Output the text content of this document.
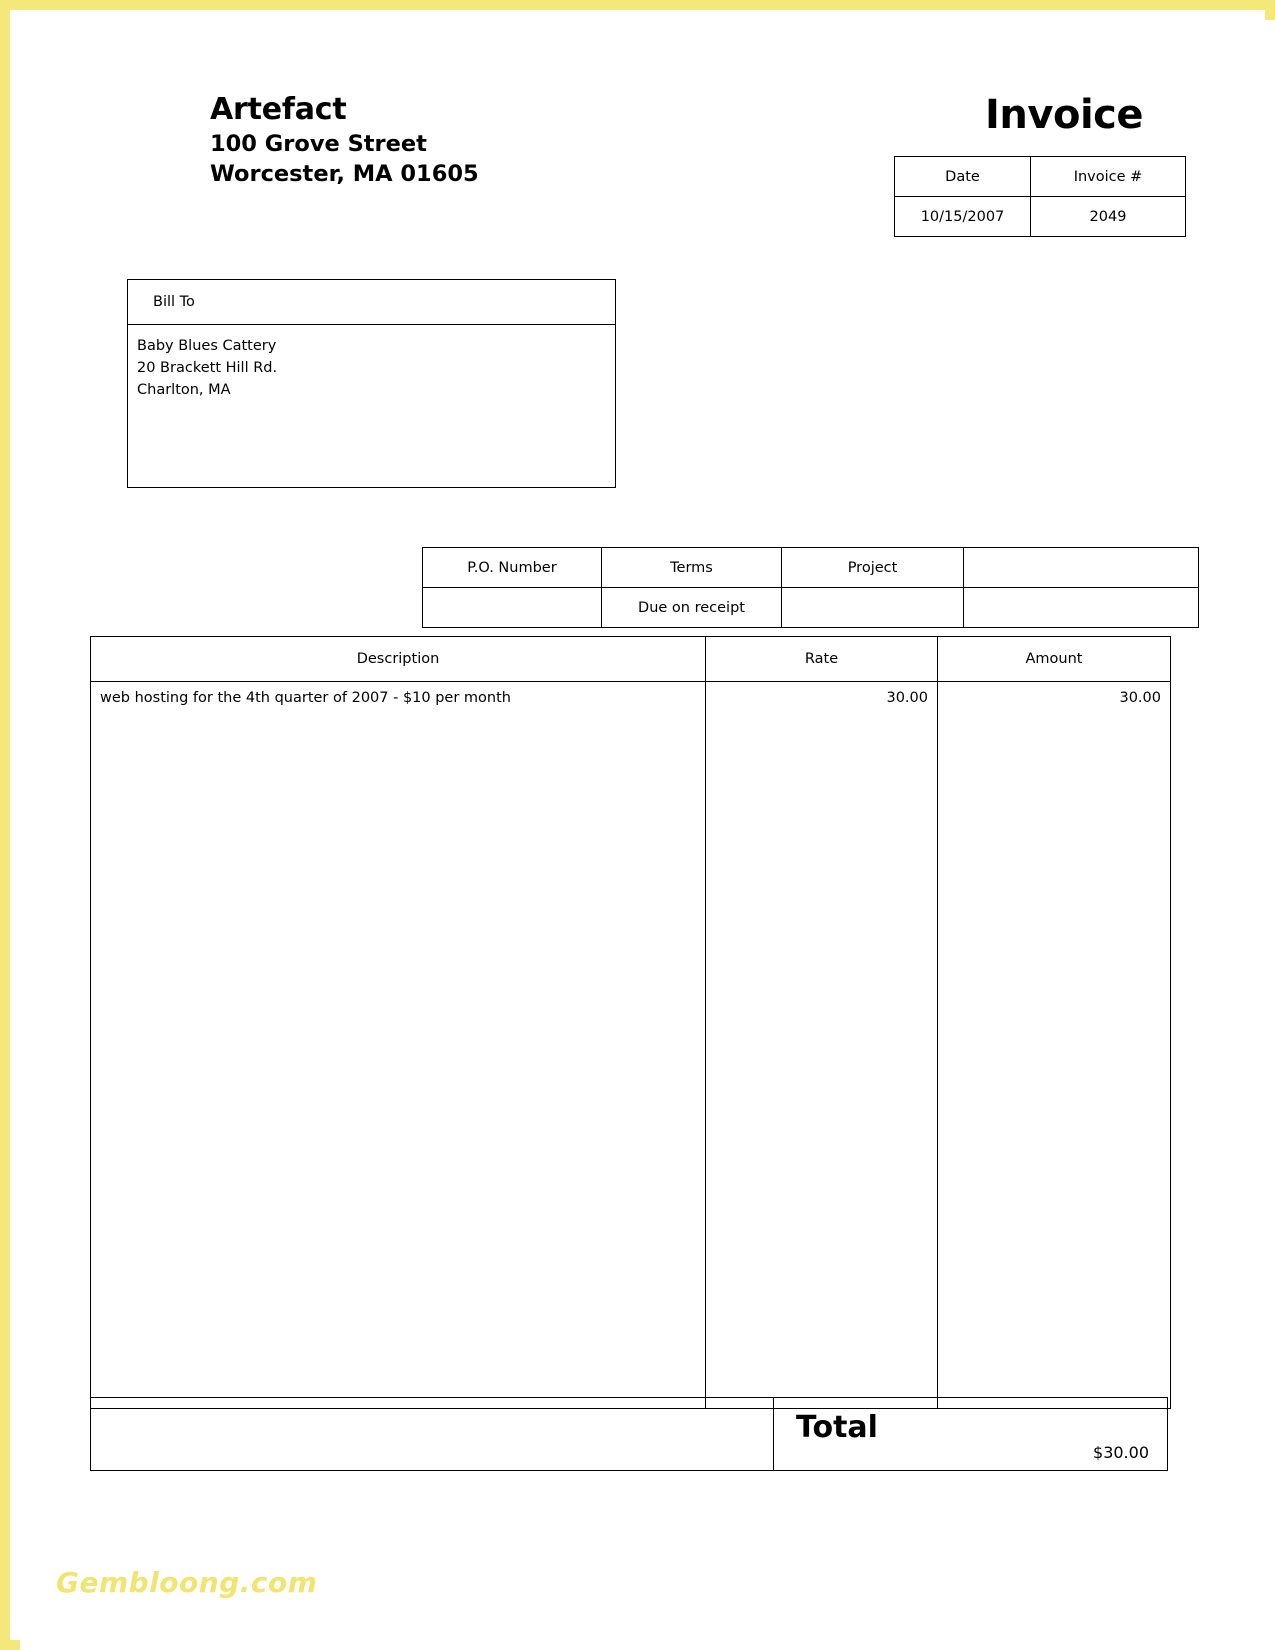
Artefact
100 Grove Street
Worcester, MA 01605
Invoice
Date	Invoice #
10/15/2007	2049
Bill To
Baby Blues Cattery
20 Brackett Hill Rd.
Charlton, MA
P.O. Number	Terms	Project	
	Due on receipt		
Description	Rate	Amount
web hosting for the 4th quarter of 2007 - $10 per month	30.00	30.00

Total
$30.00
Gembloong.com
